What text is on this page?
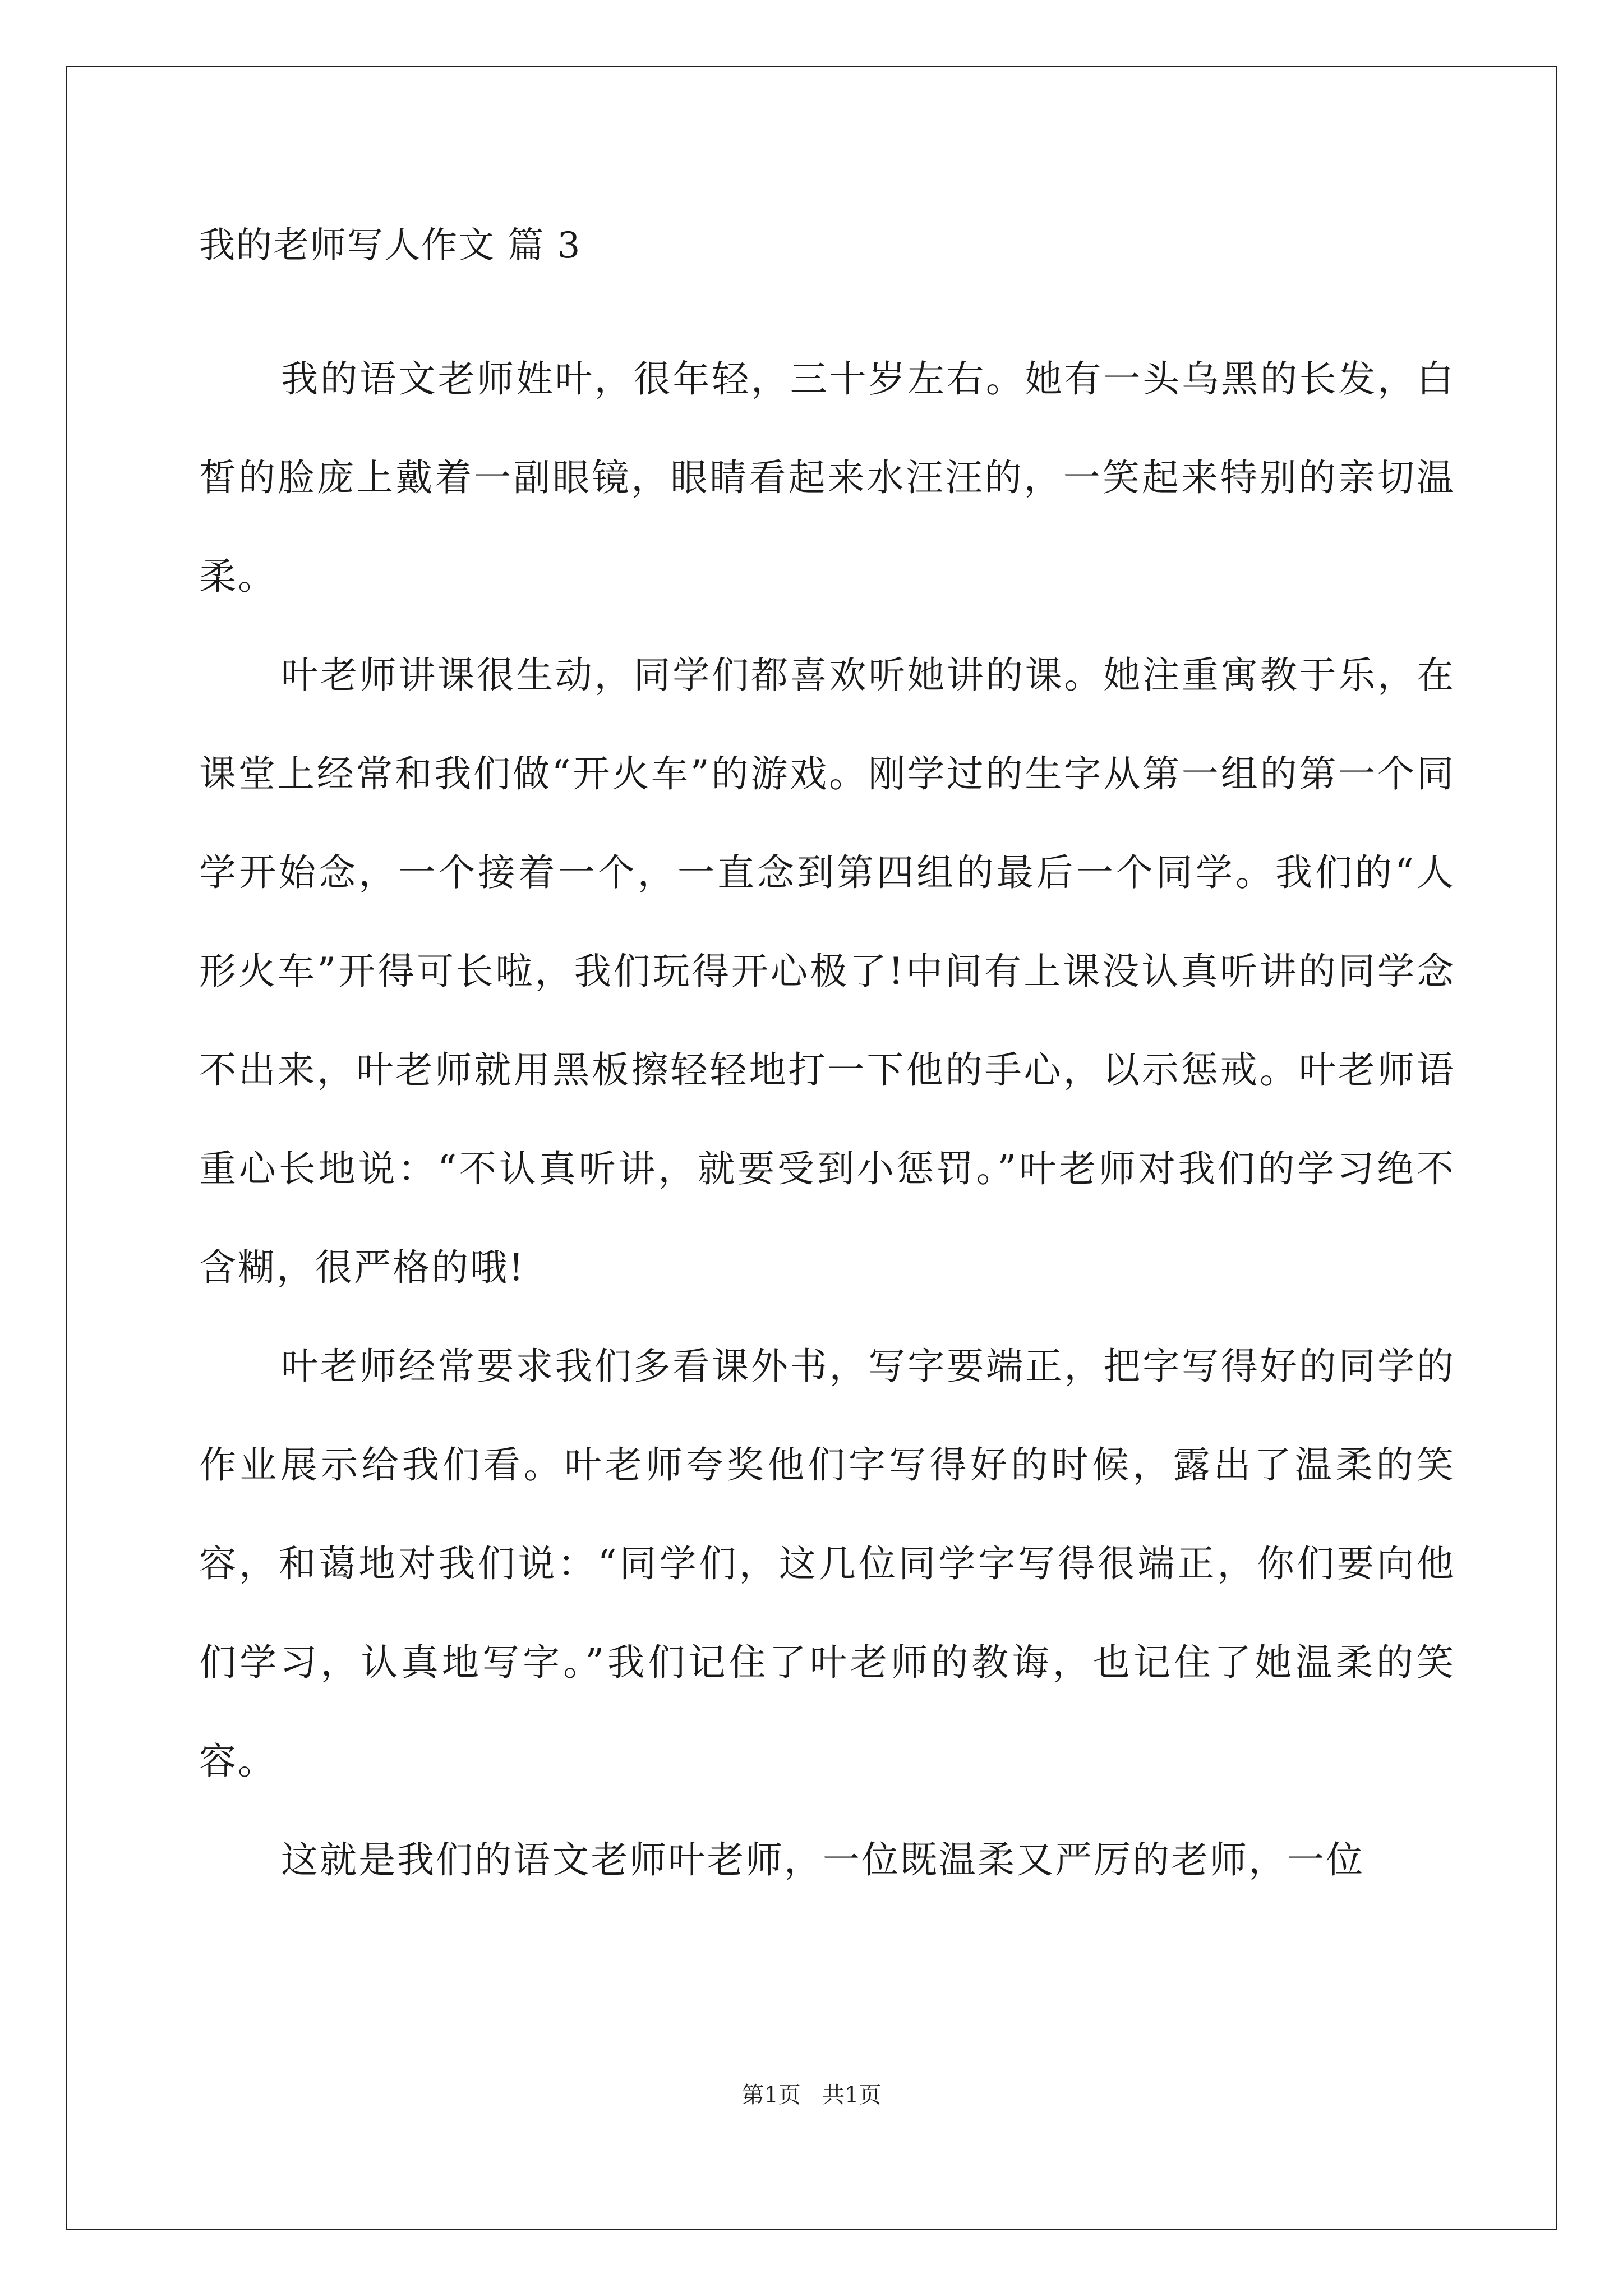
我的老师写人作文 篇 3

我的语文老师姓叶，很年轻，三十岁左右。她有一头乌黑的长发，白皙的脸庞上戴着一副眼镜，眼睛看起来水汪汪的，一笑起来特别的亲切温柔。

叶老师讲课很生动，同学们都喜欢听她讲的课。她注重寓教于乐，在课堂上经常和我们做“开火车”的游戏。刚学过的生字从第一组的第一个同学开始念，一个接着一个，一直念到第四组的最后一个同学。我们的“人形火车”开得可长啦，我们玩得开心极了!中间有上课没认真听讲的同学念不出来，叶老师就用黑板擦轻轻地打一下他的手心，以示惩戒。叶老师语重心长地说：“不认真听讲，就要受到小惩罚。”叶老师对我们的学习绝不含糊，很严格的哦!

叶老师经常要求我们多看课外书，写字要端正，把字写得好的同学的作业展示给我们看。叶老师夸奖他们字写得好的时候，露出了温柔的笑容，和蔼地对我们说：“同学们，这几位同学字写得很端正，你们要向他们学习，认真地写字。”我们记住了叶老师的教诲，也记住了她温柔的笑容。

这就是我们的语文老师叶老师，一位既温柔又严厉的老师，一位

第1页   共1页
